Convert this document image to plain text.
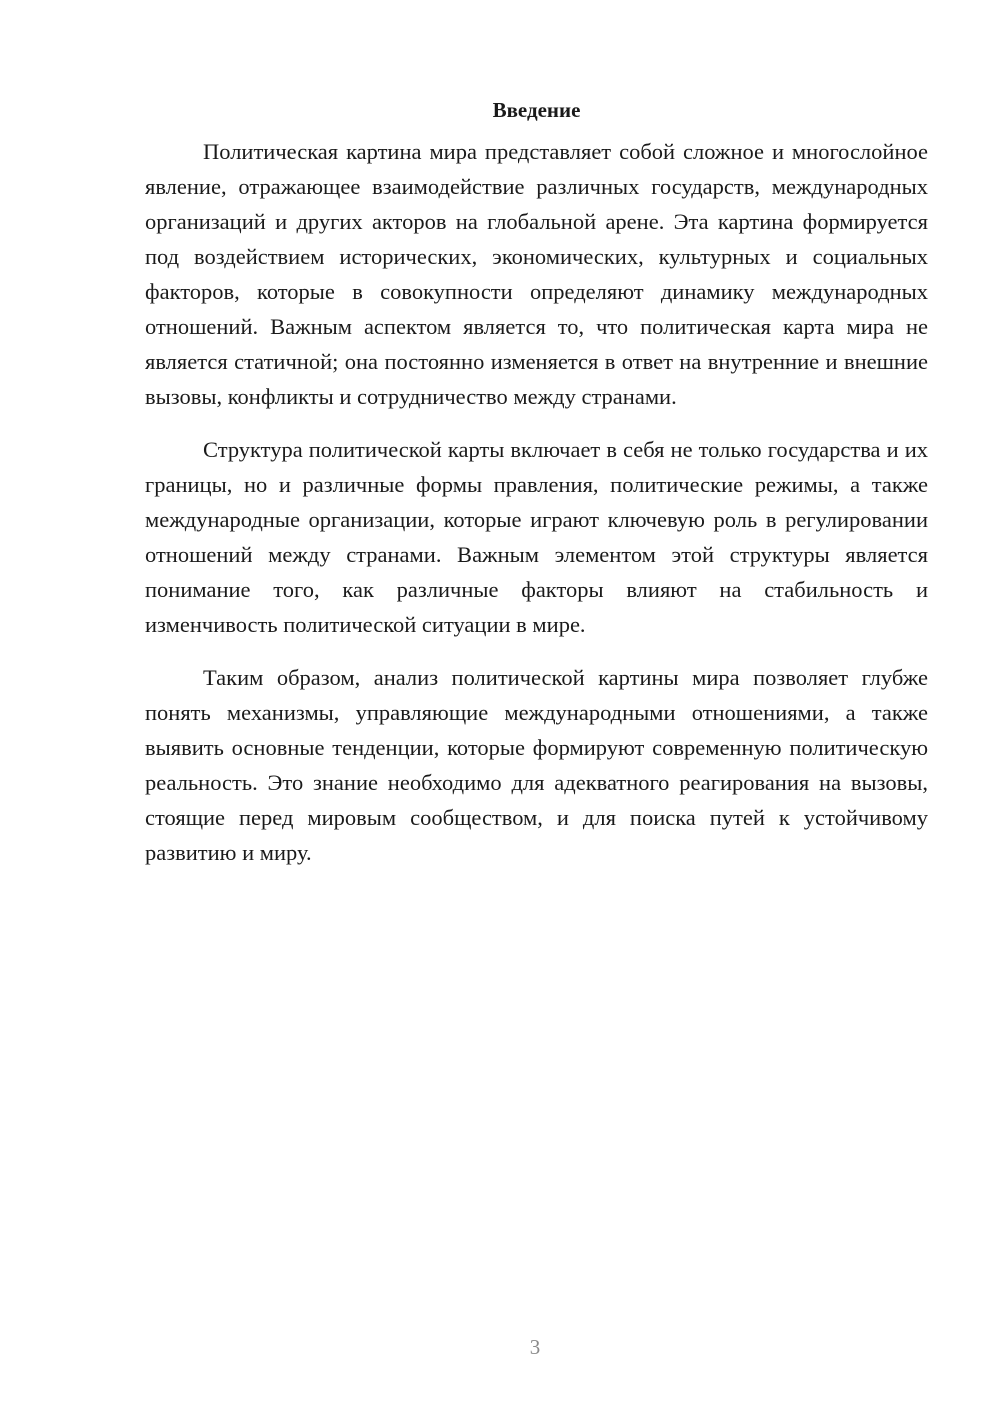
Введение

Политическая картина мира представляет собой сложное и многослойное явление, отражающее взаимодействие различных государств, международных организаций и других акторов на глобальной арене. Эта картина формируется под воздействием исторических, экономических, культурных и социальных факторов, которые в совокупности определяют динамику международных отношений. Важным аспектом является то, что политическая карта мира не является статичной; она постоянно изменяется в ответ на внутренние и внешние вызовы, конфликты и сотрудничество между странами.

Структура политической карты включает в себя не только государства и их границы, но и различные формы правления, политические режимы, а также международные организации, которые играют ключевую роль в регулировании отношений между странами. Важным элементом этой структуры является понимание того, как различные факторы влияют на стабильность и изменчивость политической ситуации в мире.

Таким образом, анализ политической картины мира позволяет глубже понять механизмы, управляющие международными отношениями, а также выявить основные тенденции, которые формируют современную политическую реальность. Это знание необходимо для адекватного реагирования на вызовы, стоящие перед мировым сообществом, и для поиска путей к устойчивому развитию и миру.

3
